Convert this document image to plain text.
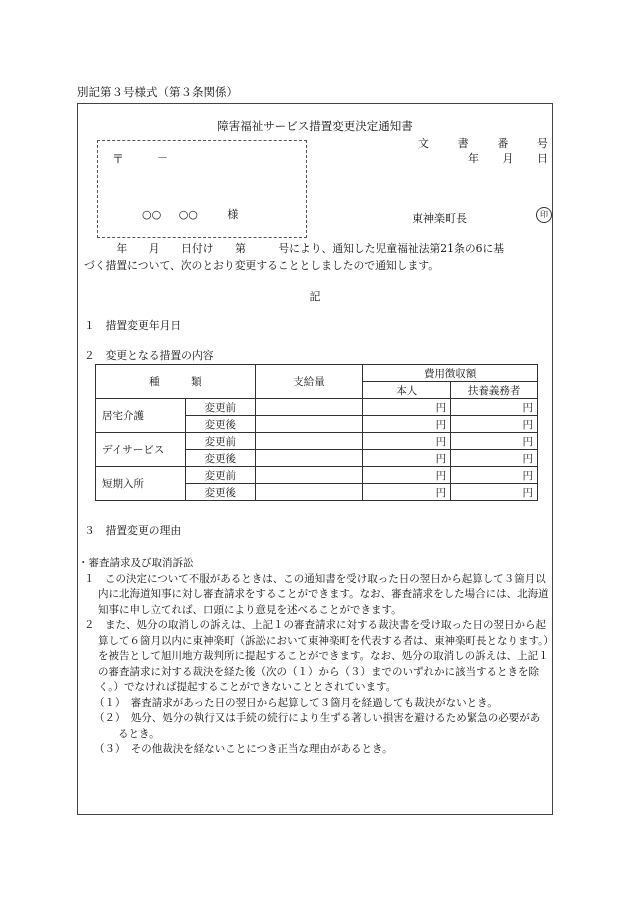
別記第３号様式（第３条関係）
障害福祉サービス措置変更決定通知書
文	書	番	号
年 月 日
〒	－
○○ ○○	様	東神楽町長	印
　　　年　　月　　日付け　　第　　　号により、通知した児童福祉法第21条の6に基
づく措置について、次のとおり変更することとしましたので通知します。
記
１　措置変更年月日
２　変更となる措置の内容
種　　　類		支給量	費用徴収額	
			本人	扶養義務者
居宅介護	変更前		円	円
	変更後		円	円
デイサービス	変更前		円	円
	変更後		円	円
短期入所	変更前		円	円
	変更後		円	円
３　措置変更の理由

・審査請求及び取消訴訟

１　この決定について不服があるときは、この通知書を受け取った日の翌日から起算して３箇月以内に北海道知事に対し審査請求をすることができます。なお、審査請求をした場合には、北海道知事に申し立てれば、口頭により意見を述べることができます。

２　また、処分の取消しの訴えは、上記１の審査請求に対する裁決書を受け取った日の翌日から起算して６箇月以内に東神楽町（訴訟において東神楽町を代表する者は、東神楽町長となります。）を被告として旭川地方裁判所に提起することができます。なお、処分の取消しの訴えは、上記１の審査請求に対する裁決を経た後（次の（１）から（３）までのいずれかに該当するときを除く。）でなければ提起することができないこととされています。

（１）　審査請求があった日の翌日から起算して３箇月を経過しても裁決がないとき。

（２）　処分、処分の執行又は手続の続行により生ずる著しい損害を避けるため緊急の必要があるとき。

（３）　その他裁決を経ないことにつき正当な理由があるとき。
